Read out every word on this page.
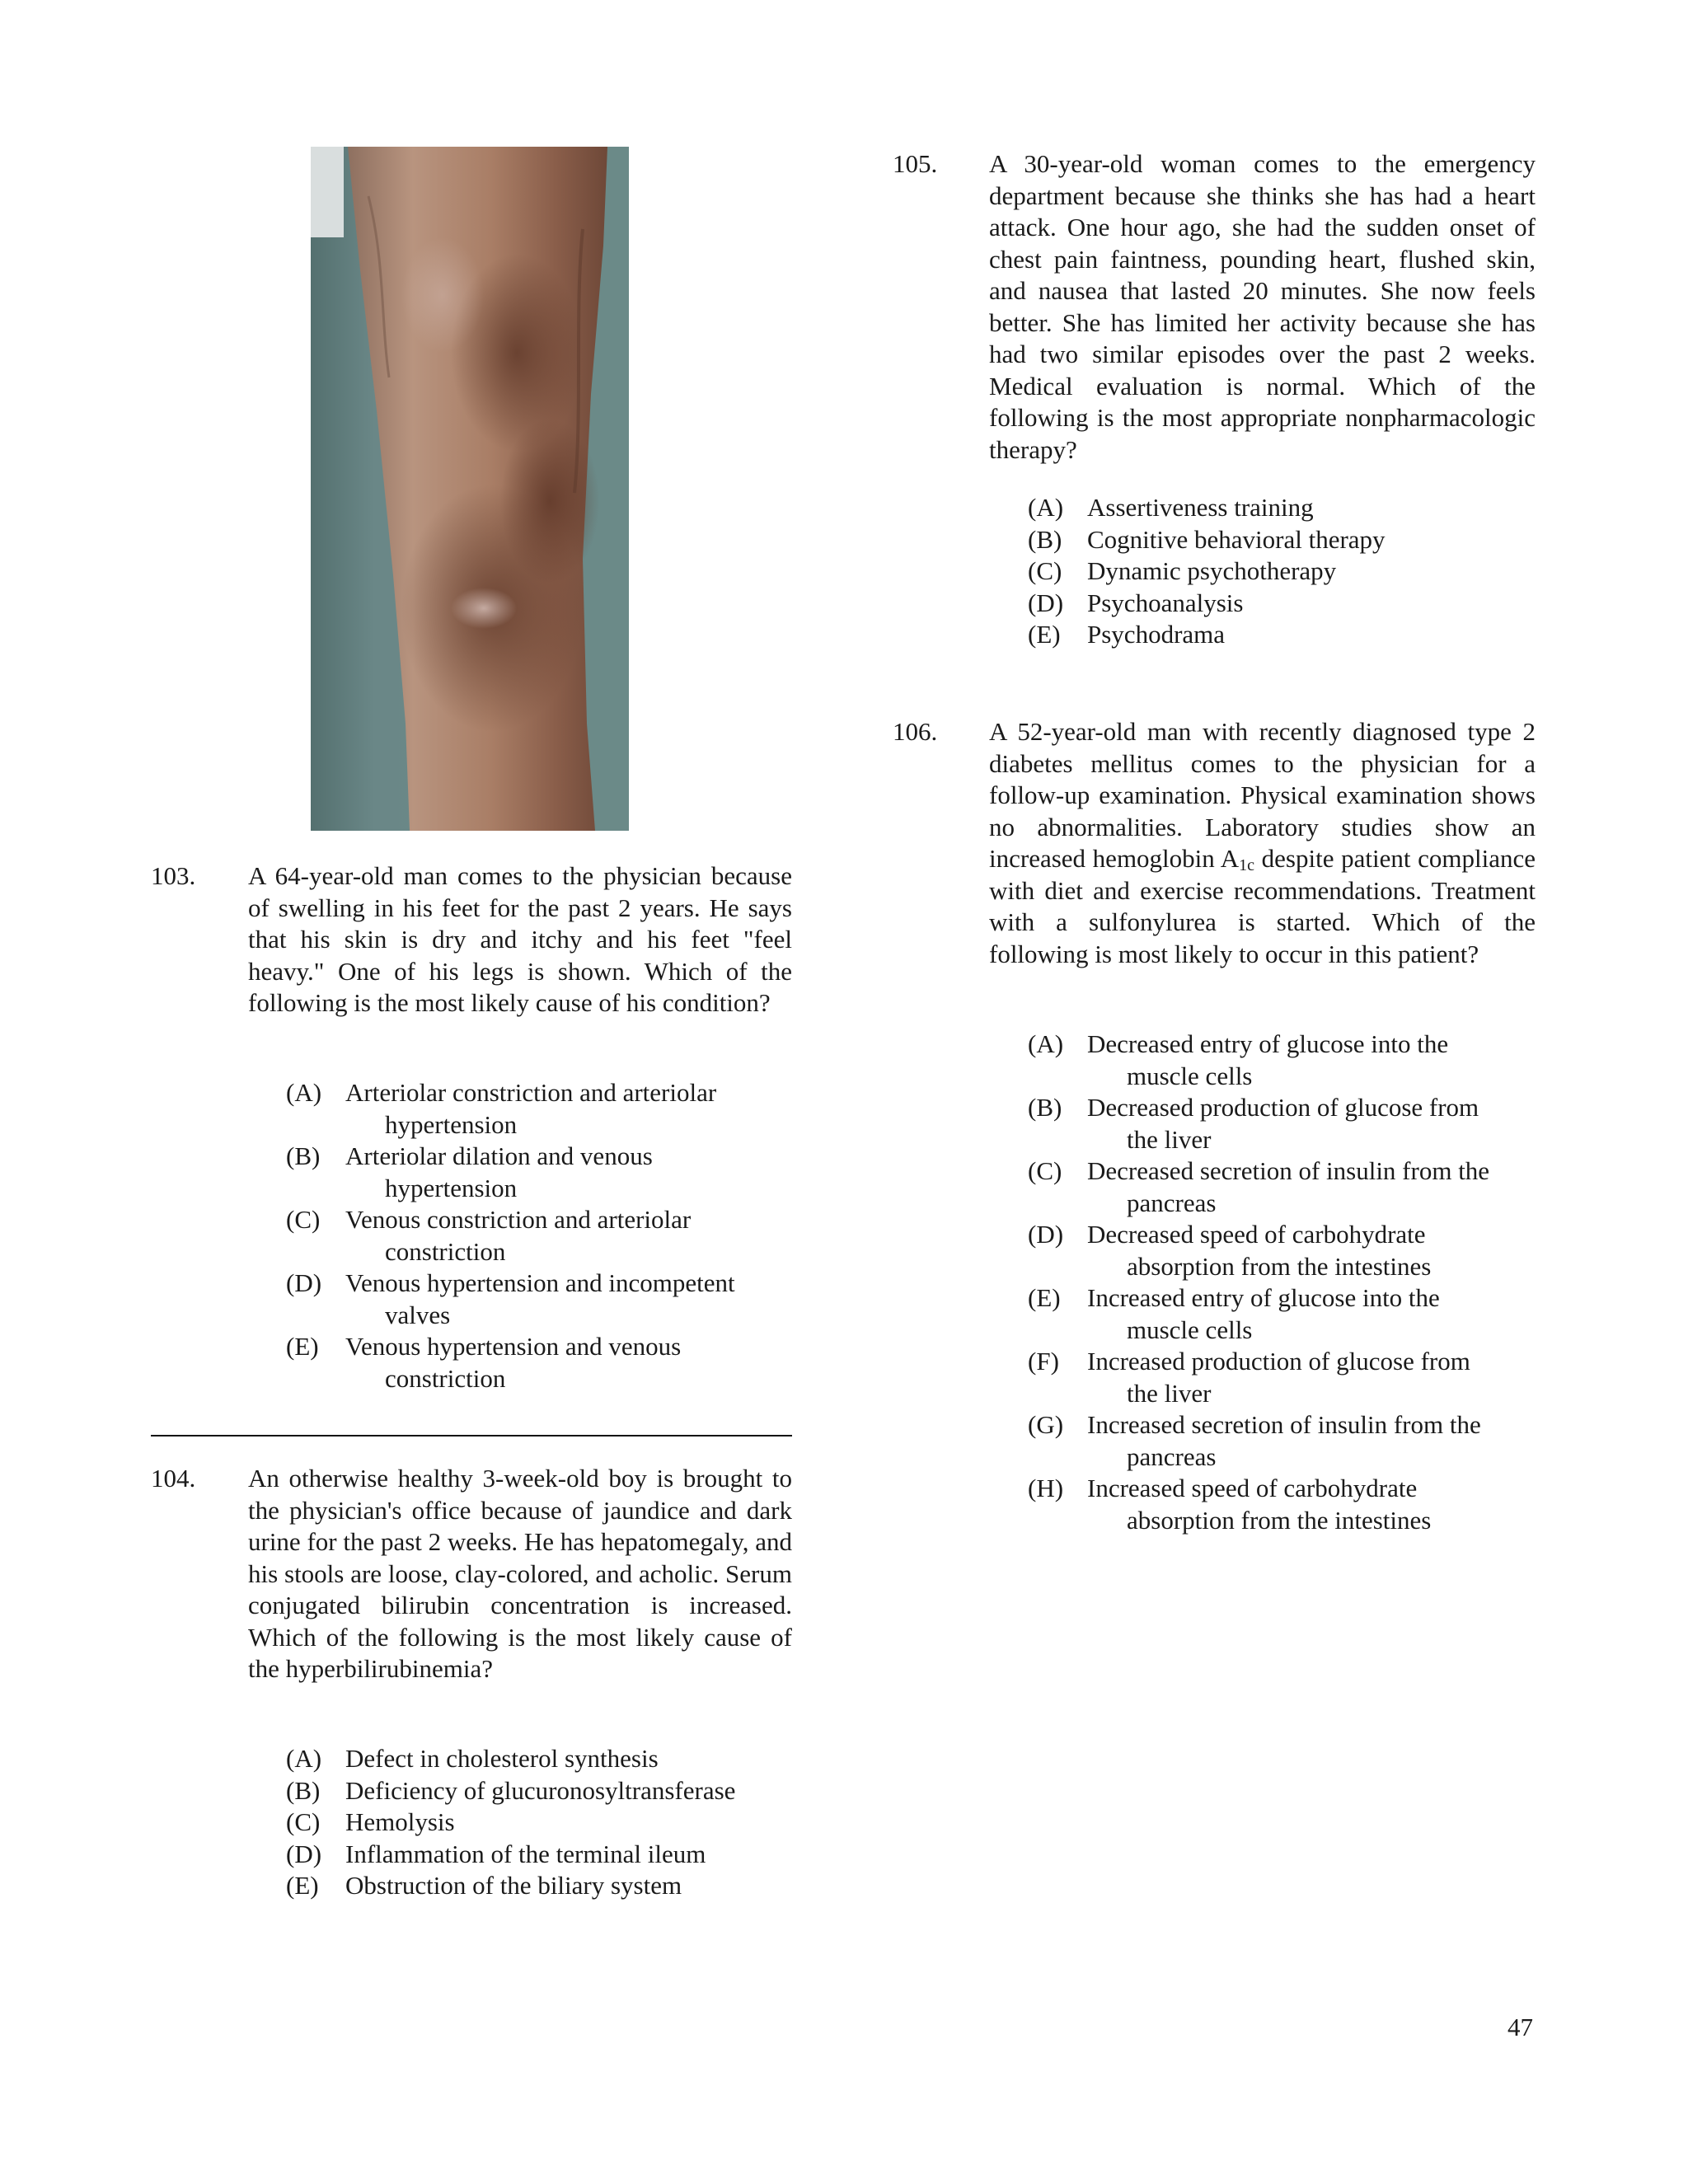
103. A 64-year-old man comes to the physician because of swelling in his feet for the past 2 years. He says that his skin is dry and itchy and his feet "feel heavy." One of his legs is shown. Which of the following is the most likely cause of his condition?
(A) Arteriolar constriction and arteriolar
hypertension
(B) Arteriolar dilation and venous
hypertension
(C) Venous constriction and arteriolar
constriction
(D) Venous hypertension and incompetent
valves
(E) Venous hypertension and venous
constriction
104. An otherwise healthy 3-week-old boy is brought to the physician's office because of jaundice and dark urine for the past 2 weeks. He has hepatomegaly, and his stools are loose, clay-colored, and acholic. Serum conjugated bilirubin concentration is increased. Which of the following is the most likely cause of the hyperbilirubinemia?
(A) Defect in cholesterol synthesis
(B) Deficiency of glucuronosyltransferase
(C) Hemolysis
(D) Inflammation of the terminal ileum
(E) Obstruction of the biliary system
105. A 30-year-old woman comes to the emergency department because she thinks she has had a heart attack. One hour ago, she had the sudden onset of chest pain faintness, pounding heart, flushed skin, and nausea that lasted 20 minutes. She now feels better. She has limited her activity because she has had two similar episodes over the past 2 weeks. Medical evaluation is normal. Which of the following is the most appropriate nonpharmacologic therapy?
(A) Assertiveness training
(B) Cognitive behavioral therapy
(C) Dynamic psychotherapy
(D) Psychoanalysis
(E) Psychodrama
106. A 52-year-old man with recently diagnosed type 2 diabetes mellitus comes to the physician for a follow-up examination. Physical examination shows no abnormalities. Laboratory studies show an increased hemoglobin $A_{1c}$ despite patient compliance with diet and exercise recommendations. Treatment with a sulfonylurea is started. Which of the following is most likely to occur in this patient?
(A) Decreased entry of glucose into the
muscle cells
(B) Decreased production of glucose from
the liver
(C) Decreased secretion of insulin from the
pancreas
(D) Decreased speed of carbohydrate
absorption from the intestines
(E) Increased entry of glucose into the
muscle cells
(F) Increased production of glucose from
the liver
(G) Increased secretion of insulin from the
pancreas
(H) Increased speed of carbohydrate
absorption from the intestines
47
